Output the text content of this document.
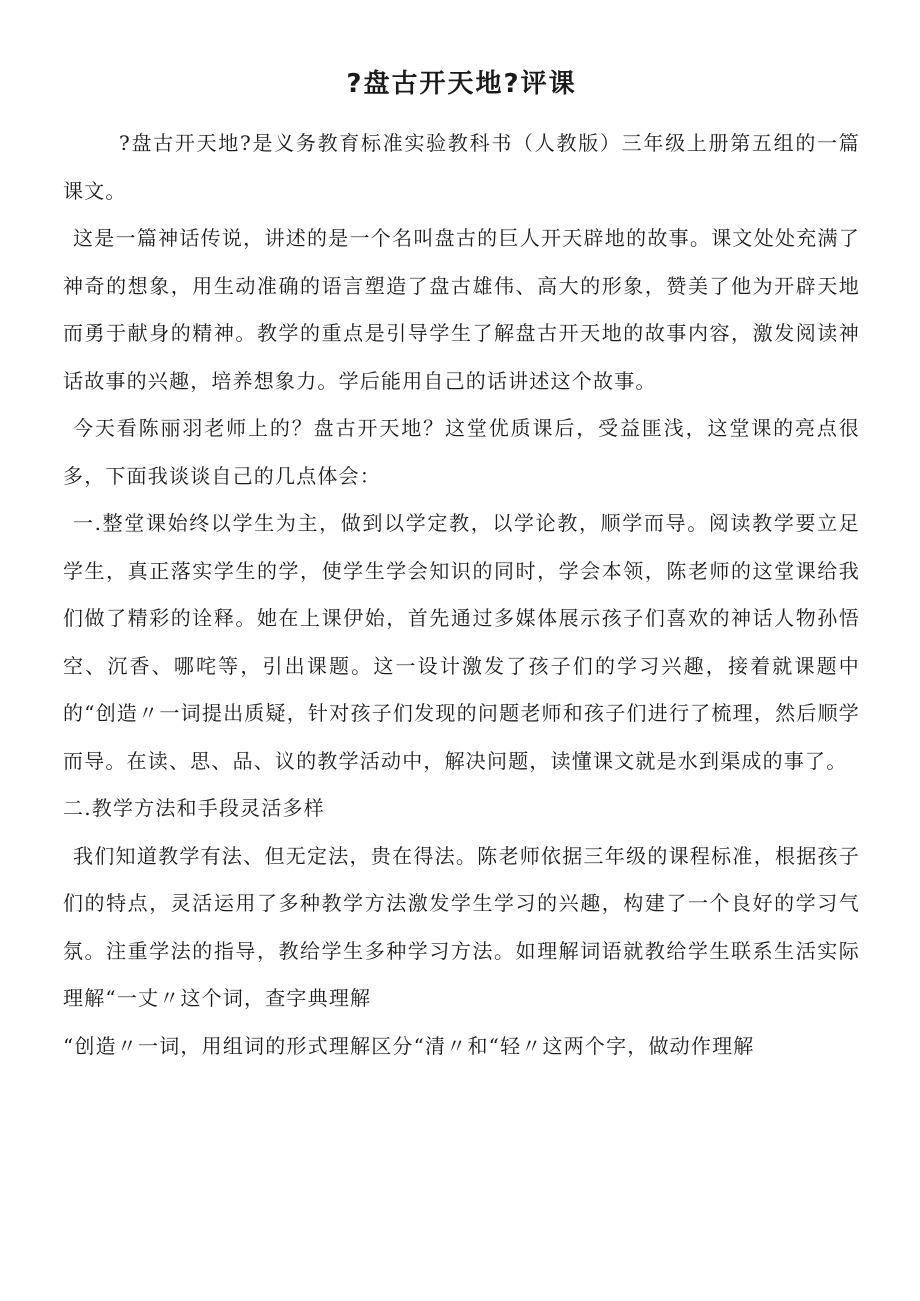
?盘古开天地?评课

?盘古开天地?是义务教育标准实验教科书（人教版）三年级上册第五组的一篇课文。

这是一篇神话传说，讲述的是一个名叫盘古的巨人开天辟地的故事。课文处处充满了神奇的想象，用生动准确的语言塑造了盘古雄伟、高大的形象，赞美了他为开辟天地而勇于献身的精神。教学的重点是引导学生了解盘古开天地的故事内容，激发阅读神话故事的兴趣，培养想象力。学后能用自己的话讲述这个故事。

今天看陈丽羽老师上的？盘古开天地？这堂优质课后，受益匪浅，这堂课的亮点很多，下面我谈谈自己的几点体会：

一.整堂课始终以学生为主，做到以学定教，以学论教，顺学而导。阅读教学要立足学生，真正落实学生的学，使学生学会知识的同时，学会本领，陈老师的这堂课给我们做了精彩的诠释。她在上课伊始，首先通过多媒体展示孩子们喜欢的神话人物孙悟空、沉香、哪咤等，引出课题。这一设计激发了孩子们的学习兴趣，接着就课题中的“创造〃一词提出质疑，针对孩子们发现的问题老师和孩子们进行了梳理，然后顺学而导。在读、思、品、议的教学活动中，解决问题，读懂课文就是水到渠成的事了。

二.教学方法和手段灵活多样

我们知道教学有法、但无定法，贵在得法。陈老师依据三年级的课程标准，根据孩子们的特点，灵活运用了多种教学方法激发学生学习的兴趣，构建了一个良好的学习气氛。注重学法的指导，教给学生多种学习方法。如理解词语就教给学生联系生活实际理解“一丈〃这个词，查字典理解

“创造〃一词，用组词的形式理解区分“清〃和“轻〃这两个字，做动作理解
